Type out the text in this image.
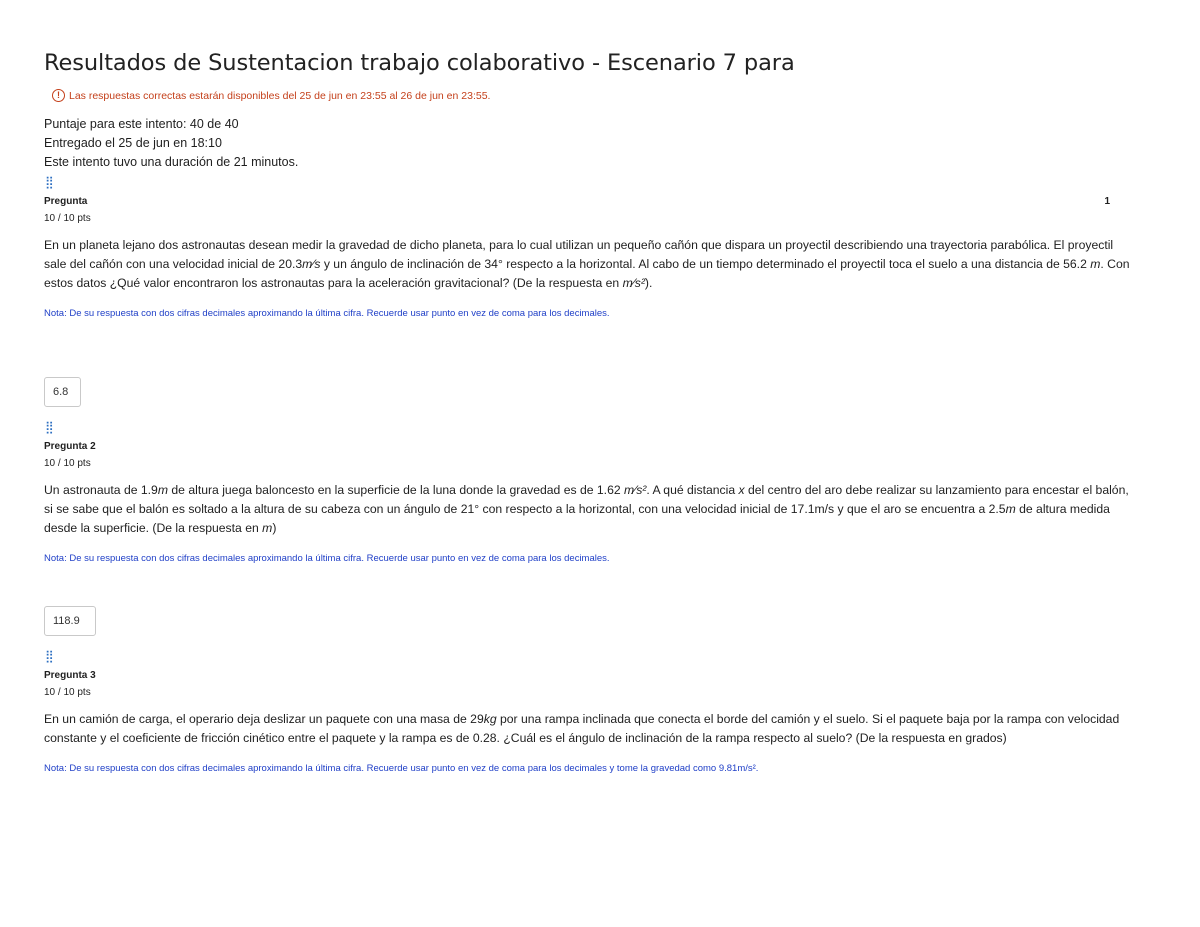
Resultados de Sustentacion trabajo colaborativo - Escenario 7 para
! Las respuestas correctas estarán disponibles del 25 de jun en 23:55 al 26 de jun en 23:55.
Puntaje para este intento: 40 de 40
Entregado el 25 de jun en 18:10
Este intento tuvo una duración de 21 minutos.
⣿
Pregunta	1
10 / 10 pts
En un planeta lejano dos astronautas desean medir la gravedad de dicho planeta, para lo cual utilizan un pequeño cañón que dispara un proyectil describiendo una trayectoria parabólica. El proyectil sale del cañón con una velocidad inicial de 20.3m⁄s y un ángulo de inclinación de 34° respecto a la horizontal. Al cabo de un tiempo determinado el proyectil toca el suelo a una distancia de 56.2 m. Con estos datos ¿Qué valor encontraron los astronautas para la aceleración gravitacional? (De la respuesta en m⁄s²).
Nota: De su respuesta con dos cifras decimales aproximando la última cifra. Recuerde usar punto en vez de coma para los decimales.
6.8
⣿
Pregunta 2
10 / 10 pts
Un astronauta de 1.9m de altura juega baloncesto en la superficie de la luna donde la gravedad es de 1.62 m⁄s². A qué distancia x del centro del aro debe realizar su lanzamiento para encestar el balón, si se sabe que el balón es soltado a la altura de su cabeza con un ángulo de 21° con respecto a la horizontal, con una velocidad inicial de 17.1m/s y que el aro se encuentra a 2.5m de altura medida desde la superficie. (De la respuesta en m)
Nota: De su respuesta con dos cifras decimales aproximando la última cifra. Recuerde usar punto en vez de coma para los decimales.
118.9
⣿
Pregunta 3
10 / 10 pts
En un camión de carga, el operario deja deslizar un paquete con una masa de 29kg por una rampa inclinada que conecta el borde del camión y el suelo. Si el paquete baja por la rampa con velocidad constante y el coeficiente de fricción cinético entre el paquete y la rampa es de 0.28. ¿Cuál es el ángulo de inclinación de la rampa respecto al suelo? (De la respuesta en grados)
Nota: De su respuesta con dos cifras decimales aproximando la última cifra. Recuerde usar punto en vez de coma para los decimales y tome la gravedad como 9.81m/s².
